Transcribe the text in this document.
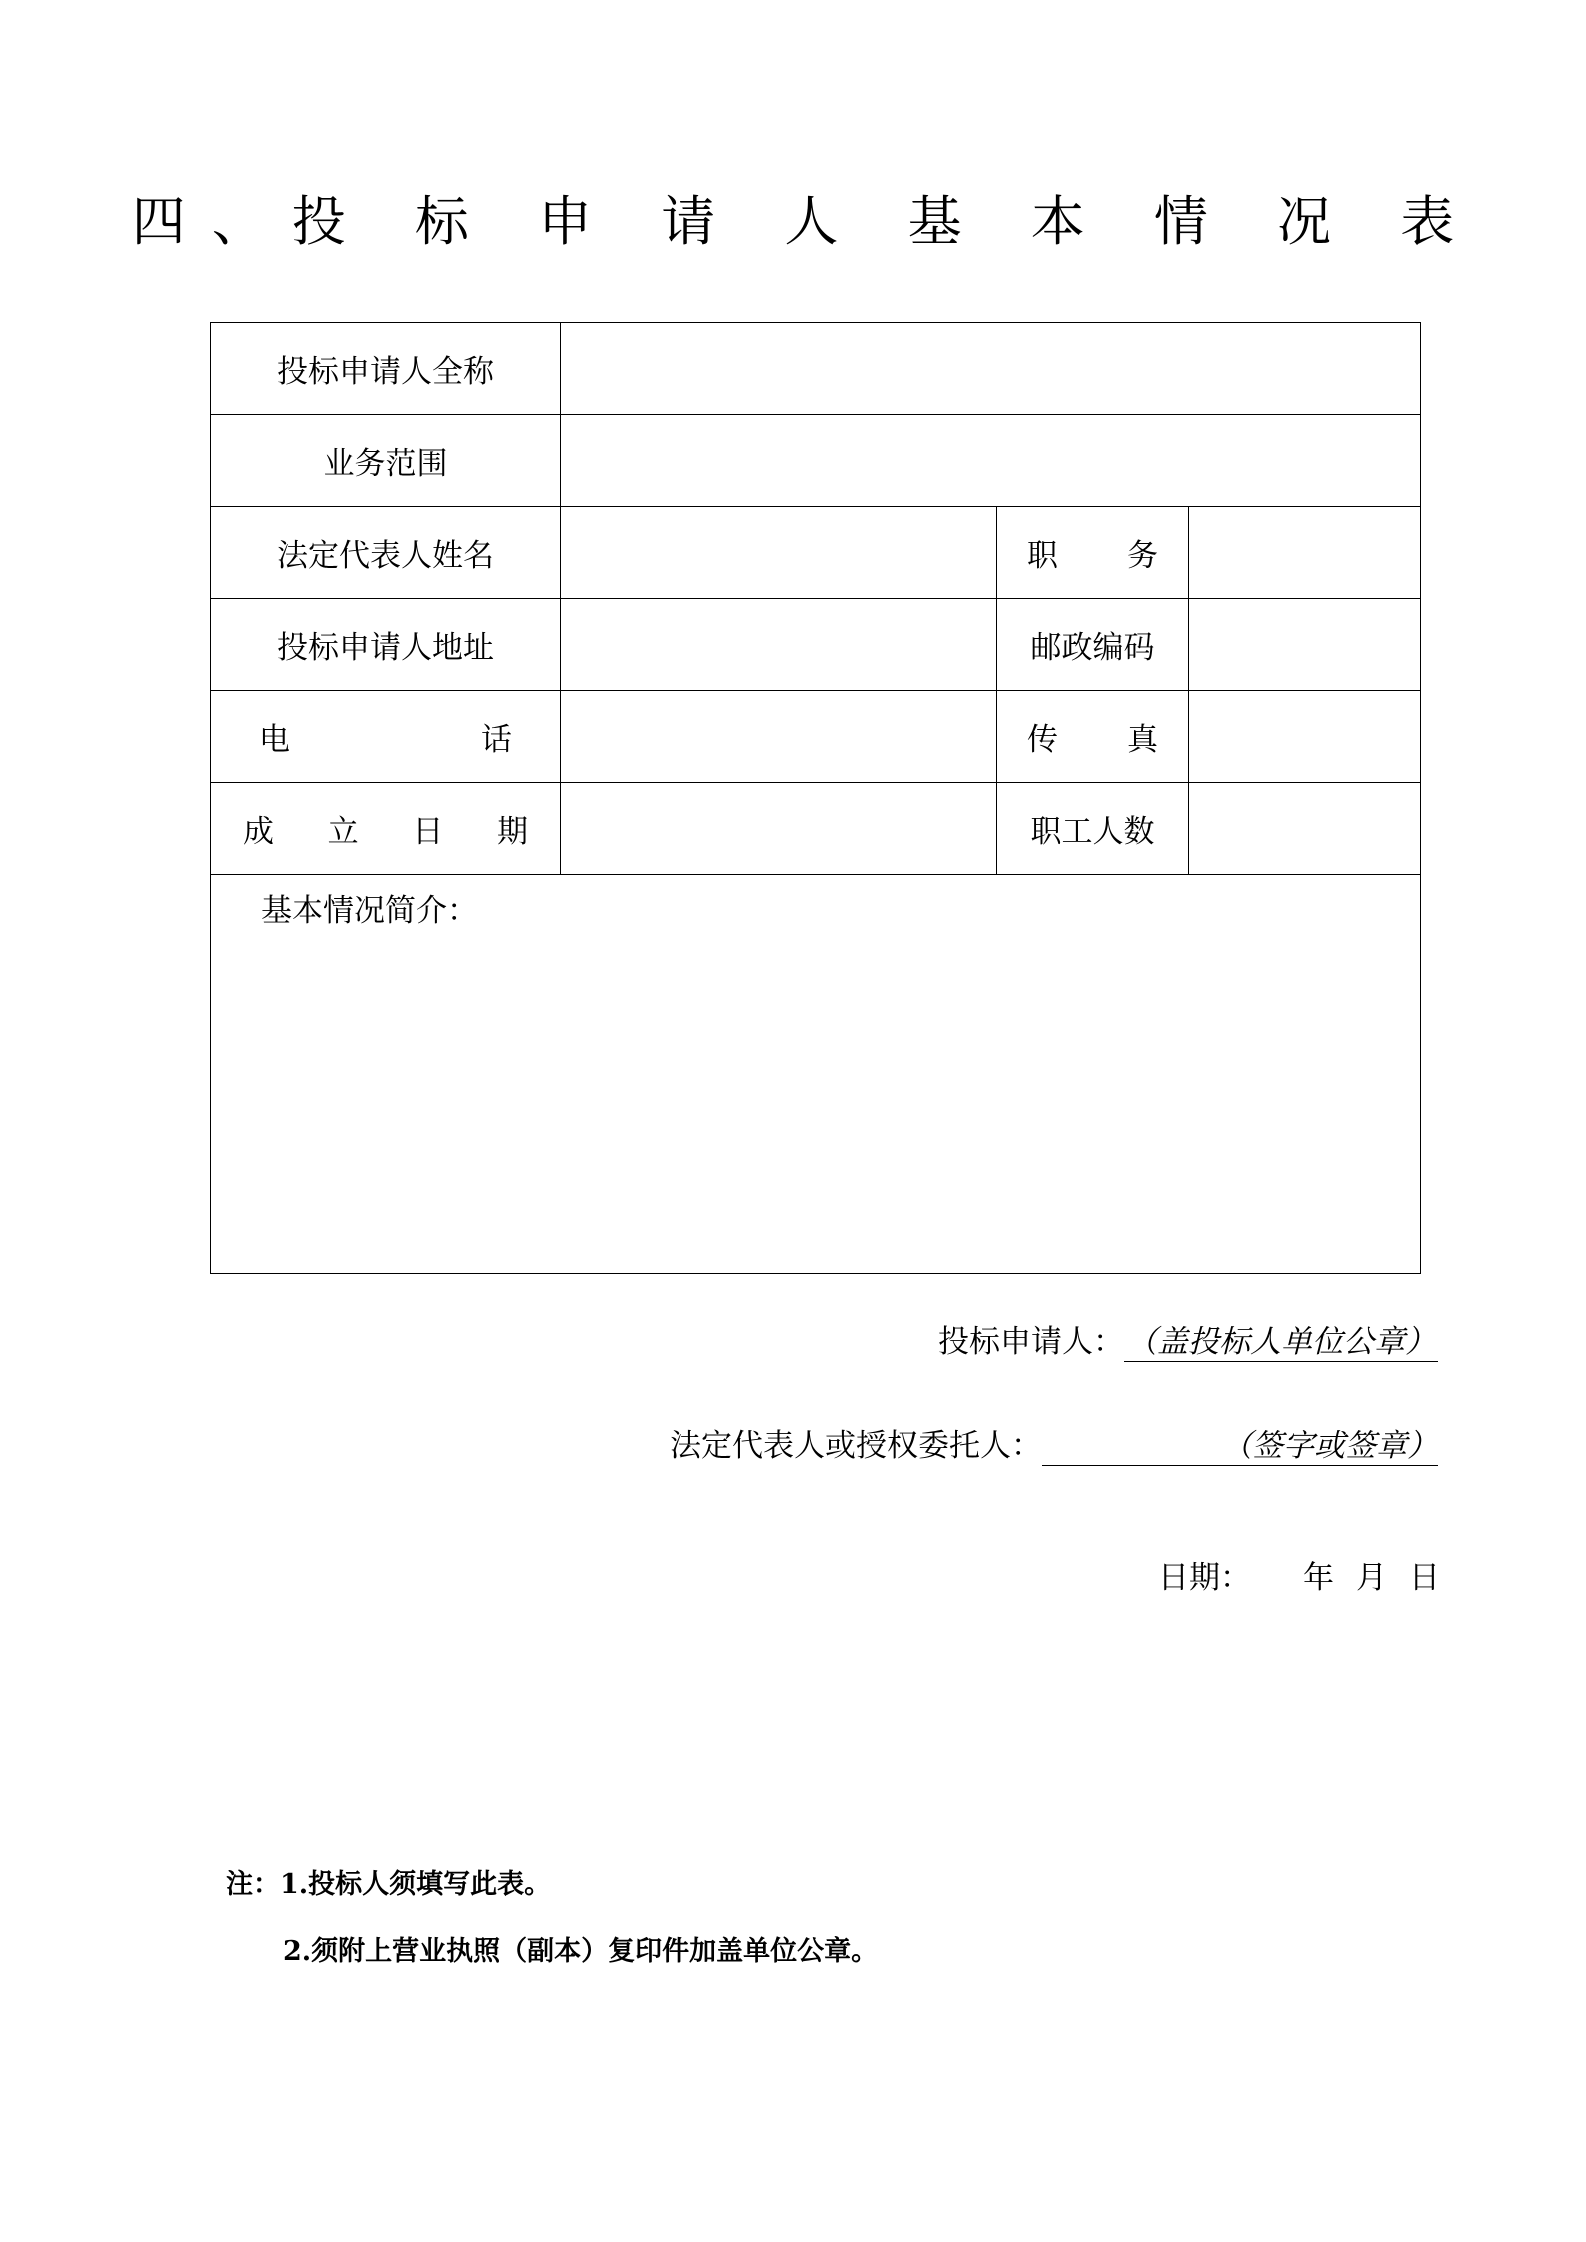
四、投 标 申 请 人 基 本 情 况 表
投标申请人全称			
业务范围			
法定代表人姓名		职 务	

投标申请人地址		邮政编码	

电 话		传 真	

成 立 日 期		职工人数	

基本情况简介：			
投标申请人：（盖投标人单位公章）
法定代表人或授权委托人：	（签字或签章）
日期： 年 月 日
注：1.投标人须填写此表。
2.须附上营业执照（副本）复印件加盖单位公章。
